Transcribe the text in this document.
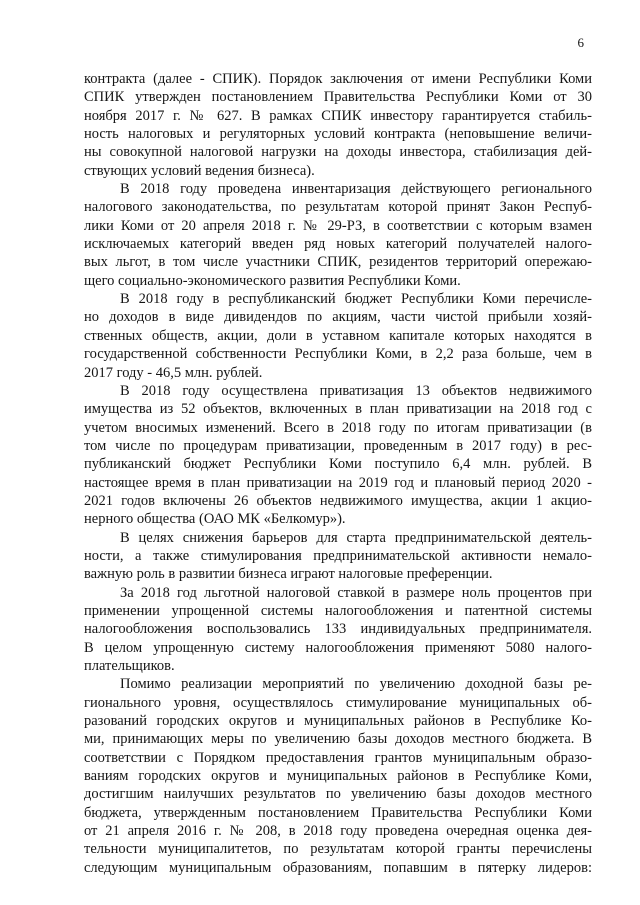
6

контракта (далее - СПИК). Порядок заключения от имени Республики Коми
СПИК утвержден постановлением Правительства Республики Коми от 30
ноября 2017 г. № 627. В рамках СПИК инвестору гарантируется стабиль-
ность налоговых и регуляторных условий контракта (неповышение величи-
ны совокупной налоговой нагрузки на доходы инвестора, стабилизация дей-
ствующих условий ведения бизнеса).

В 2018 году проведена инвентаризация действующего регионального
налогового законодательства, по результатам которой принят Закон Респуб-
лики Коми от 20 апреля 2018 г. № 29-РЗ, в соответствии с которым взамен
исключаемых категорий введен ряд новых категорий получателей налого-
вых льгот, в том числе участники СПИК, резидентов территорий опережаю-
щего социально-экономического развития Республики Коми.

В 2018 году в республиканский бюджет Республики Коми перечисле-
но доходов в виде дивидендов по акциям, части чистой прибыли хозяй-
ственных обществ, акции, доли в уставном капитале которых находятся в
государственной собственности Республики Коми, в 2,2 раза больше, чем в
2017 году - 46,5 млн. рублей.

В 2018 году осуществлена приватизация 13 объектов недвижимого
имущества из 52 объектов, включенных в план приватизации на 2018 год с
учетом вносимых изменений. Всего в 2018 году по итогам приватизации (в
том числе по процедурам приватизации, проведенным в 2017 году) в рес-
публиканский бюджет Республики Коми поступило 6,4 млн. рублей. В
настоящее время в план приватизации на 2019 год и плановый период 2020 -
2021 годов включены 26 объектов недвижимого имущества, акции 1 акцио-
нерного общества (ОАО МК «Белкомур»).

В целях снижения барьеров для старта предпринимательской деятель-
ности, а также стимулирования предпринимательской активности немало-
важную роль в развитии бизнеса играют налоговые преференции.

За 2018 год льготной налоговой ставкой в размере ноль процентов при
применении упрощенной системы налогообложения и патентной системы
налогообложения воспользовались 133 индивидуальных предпринимателя.
В целом упрощенную систему налогообложения применяют 5080 налого-
плательщиков.

Помимо реализации мероприятий по увеличению доходной базы ре-
гионального уровня, осуществлялось стимулирование муниципальных об-
разований городских округов и муниципальных районов в Республике Ко-
ми, принимающих меры по увеличению базы доходов местного бюджета. В
соответствии с Порядком предоставления грантов муниципальным образо-
ваниям городских округов и муниципальных районов в Республике Коми,
достигшим наилучших результатов по увеличению базы доходов местного
бюджета, утвержденным постановлением Правительства Республики Коми
от 21 апреля 2016 г. № 208, в 2018 году проведена очередная оценка дея-
тельности муниципалитетов, по результатам которой гранты перечислены
следующим муниципальным образованиям, попавшим в пятерку лидеров:
